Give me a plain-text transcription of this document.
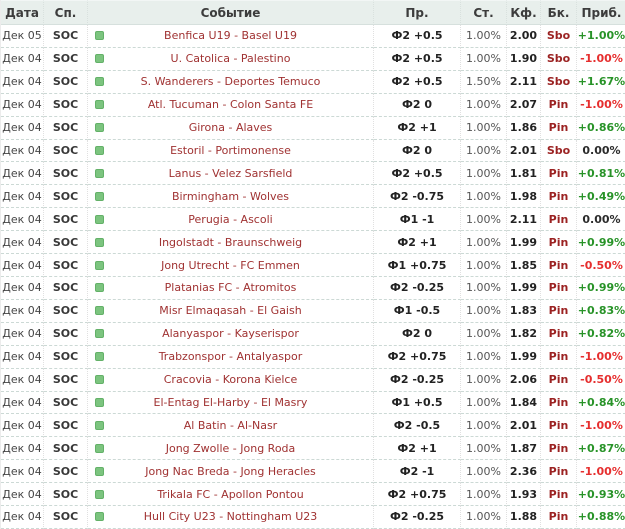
Дата	Сп.	Событие	Пр.	Ст.	Кф.	Бк.	Приб.
Дек 05	SOC	Benfica U19 - Basel U19	Ф2 +0.5	1.00%	2.00	Sbo	+1.00%
Дек 04	SOC	U. Catolica - Palestino	Ф2 +0.5	1.00%	1.90	Sbo	-1.00%
Дек 04	SOC	S. Wanderers - Deportes Temuco	Ф2 +0.5	1.50%	2.11	Sbo	+1.67%
Дек 04	SOC	Atl. Tucuman - Colon Santa FE	Ф2 0	1.00%	2.07	Pin	-1.00%
Дек 04	SOC	Girona - Alaves	Ф2 +1	1.00%	1.86	Pin	+0.86%
Дек 04	SOC	Estoril - Portimonense	Ф2 0	1.00%	2.01	Sbo	0.00%
Дек 04	SOC	Lanus - Velez Sarsfield	Ф2 +0.5	1.00%	1.81	Pin	+0.81%
Дек 04	SOC	Birmingham - Wolves	Ф2 -0.75	1.00%	1.98	Pin	+0.49%
Дек 04	SOC	Perugia - Ascoli	Ф1 -1	1.00%	2.11	Pin	0.00%
Дек 04	SOC	Ingolstadt - Braunschweig	Ф2 +1	1.00%	1.99	Pin	+0.99%
Дек 04	SOC	Jong Utrecht - FC Emmen	Ф1 +0.75	1.00%	1.85	Pin	-0.50%
Дек 04	SOC	Platanias FC - Atromitos	Ф2 -0.25	1.00%	1.99	Pin	+0.99%
Дек 04	SOC	Misr Elmaqasah - El Gaish	Ф1 -0.5	1.00%	1.83	Pin	+0.83%
Дек 04	SOC	Alanyaspor - Kayserispor	Ф2 0	1.00%	1.82	Pin	+0.82%
Дек 04	SOC	Trabzonspor - Antalyaspor	Ф2 +0.75	1.00%	1.99	Pin	-1.00%
Дек 04	SOC	Cracovia - Korona Kielce	Ф2 -0.25	1.00%	2.06	Pin	-0.50%
Дек 04	SOC	El-Entag El-Harby - El Masry	Ф1 +0.5	1.00%	1.84	Pin	+0.84%
Дек 04	SOC	Al Batin - Al-Nasr	Ф2 -0.5	1.00%	2.01	Pin	-1.00%
Дек 04	SOC	Jong Zwolle - Jong Roda	Ф2 +1	1.00%	1.87	Pin	+0.87%
Дек 04	SOC	Jong Nac Breda - Jong Heracles	Ф2 -1	1.00%	2.36	Pin	-1.00%
Дек 04	SOC	Trikala FC - Apollon Pontou	Ф2 +0.75	1.00%	1.93	Pin	+0.93%
Дек 04	SOC	Hull City U23 - Nottingham U23	Ф2 -0.25	1.00%	1.88	Pin	+0.88%
